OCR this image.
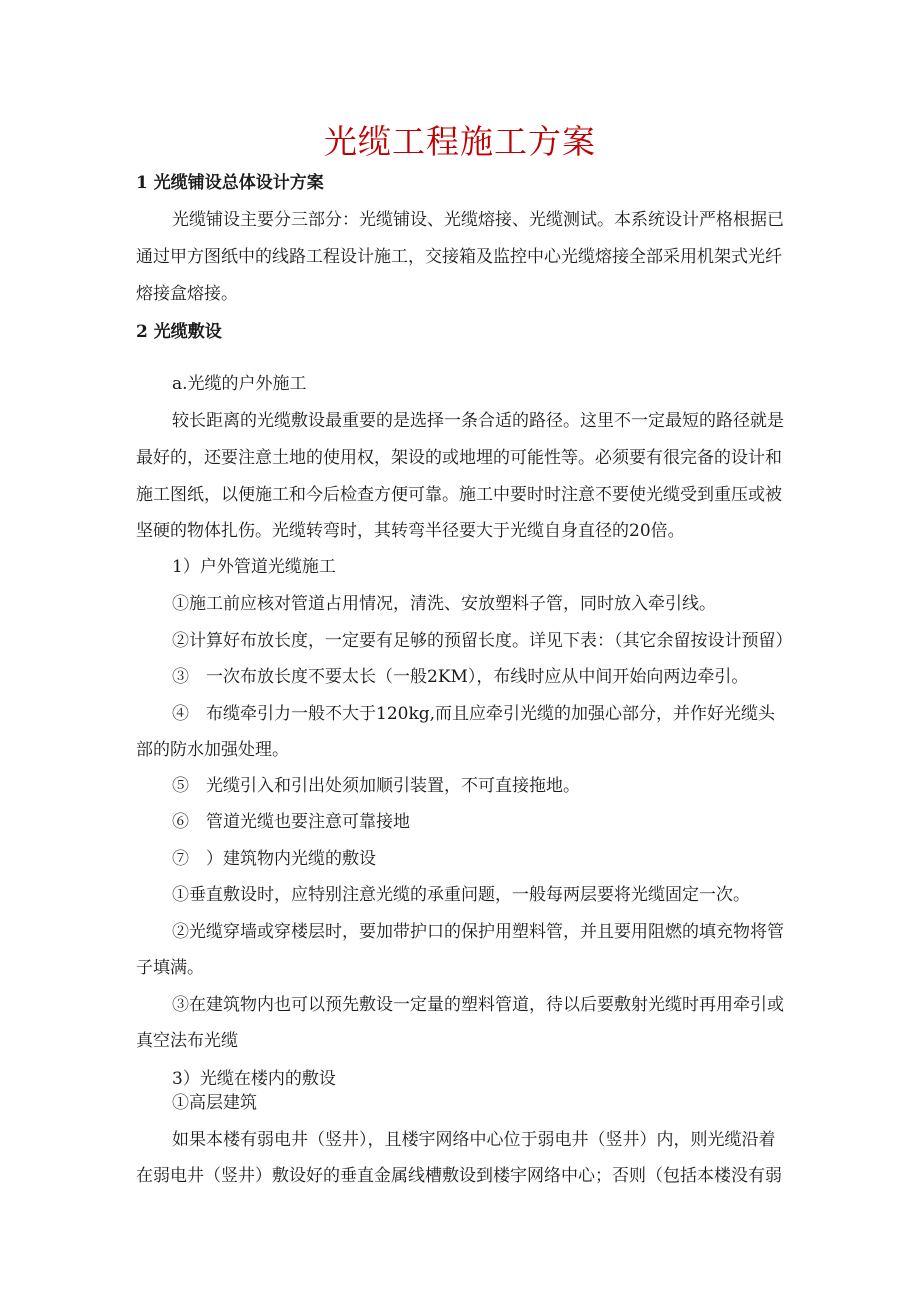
光缆工程施工方案

1 光缆铺设总体设计方案

光缆铺设主要分三部分：光缆铺设、光缆熔接、光缆测试。本系统设计严格根据已

通过甲方图纸中的线路工程设计施工，交接箱及监控中心光缆熔接全部采用机架式光纤

熔接盒熔接。

2 光缆敷设

a.光缆的户外施工

较长距离的光缆敷设最重要的是选择一条合适的路径。这里不一定最短的路径就是

最好的，还要注意土地的使用权，架设的或地埋的可能性等。必须要有很完备的设计和

施工图纸，以便施工和今后检查方便可靠。施工中要时时注意不要使光缆受到重压或被

坚硬的物体扎伤。光缆转弯时，其转弯半径要大于光缆自身直径的20倍。

1）户外管道光缆施工

①施工前应核对管道占用情况，清洗、安放塑料子管，同时放入牵引线。

②计算好布放长度，一定要有足够的预留长度。详见下表：（其它余留按设计预留）

③　一次布放长度不要太长（一般2KM），布线时应从中间开始向两边牵引。

④　布缆牵引力一般不大于120kg,而且应牵引光缆的加强心部分，并作好光缆头

部的防水加强处理。

⑤　光缆引入和引出处须加顺引装置，不可直接拖地。

⑥　管道光缆也要注意可靠接地

⑦　）建筑物内光缆的敷设

①垂直敷设时，应特别注意光缆的承重问题，一般每两层要将光缆固定一次。

②光缆穿墙或穿楼层时，要加带护口的保护用塑料管，并且要用阻燃的填充物将管

子填满。

③在建筑物内也可以预先敷设一定量的塑料管道，待以后要敷射光缆时再用牵引或

真空法布光缆

3）光缆在楼内的敷设

①高层建筑

如果本楼有弱电井（竖井），且楼宇网络中心位于弱电井（竖井）内，则光缆沿着

在弱电井（竖井）敷设好的垂直金属线槽敷设到楼宇网络中心；否则（包括本楼没有弱
